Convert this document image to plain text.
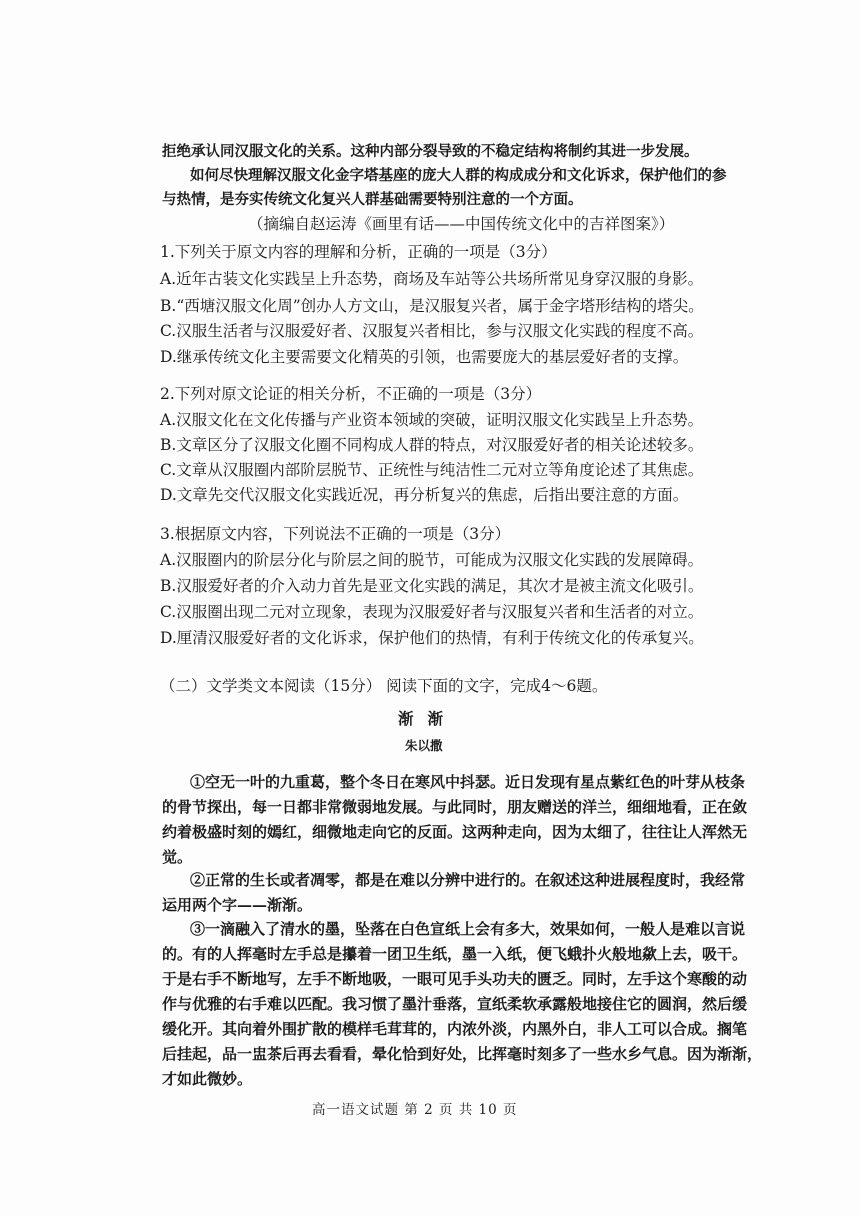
拒绝承认同汉服文化的关系。这种内部分裂导致的不稳定结构将制约其进一步发展。
如何尽快理解汉服文化金字塔基座的庞大人群的构成成分和文化诉求，保护他们的参
与热情，是夯实传统文化复兴人群基础需要特别注意的一个方面。
（摘编自赵运涛《画里有话——中国传统文化中的吉祥图案》）
1.下列关于原文内容的理解和分析，正确的一项是（3分）
A.近年古装文化实践呈上升态势，商场及车站等公共场所常见身穿汉服的身影。
B.“西塘汉服文化周”创办人方文山，是汉服复兴者，属于金字塔形结构的塔尖。
C.汉服生活者与汉服爱好者、汉服复兴者相比，参与汉服文化实践的程度不高。
D.继承传统文化主要需要文化精英的引领，也需要庞大的基层爱好者的支撑。
2.下列对原文论证的相关分析，不正确的一项是（3分）
A.汉服文化在文化传播与产业资本领域的突破，证明汉服文化实践呈上升态势。
B.文章区分了汉服文化圈不同构成人群的特点，对汉服爱好者的相关论述较多。
C.文章从汉服圈内部阶层脱节、正统性与纯洁性二元对立等角度论述了其焦虑。
D.文章先交代汉服文化实践近况，再分析复兴的焦虑，后指出要注意的方面。
3.根据原文内容，下列说法不正确的一项是（3分）
A.汉服圈内的阶层分化与阶层之间的脱节，可能成为汉服文化实践的发展障碍。
B.汉服爱好者的介入动力首先是亚文化实践的满足，其次才是被主流文化吸引。
C.汉服圈出现二元对立现象，表现为汉服爱好者与汉服复兴者和生活者的对立。
D.厘清汉服爱好者的文化诉求，保护他们的热情，有利于传统文化的传承复兴。
（二）文学类文本阅读（15分） 阅读下面的文字，完成4～6题。
渐渐
朱以撒
①空无一叶的九重葛，整个冬日在寒风中抖瑟。近日发现有星点紫红色的叶芽从枝条
的骨节探出，每一日都非常微弱地发展。与此同时，朋友赠送的洋兰，细细地看，正在敛
约着极盛时刻的嫣红，细微地走向它的反面。这两种走向，因为太细了，往往让人浑然无
觉。
②正常的生长或者凋零，都是在难以分辨中进行的。在叙述这种进展程度时，我经常
运用两个字——渐渐。
③一滴融入了清水的墨，坠落在白色宣纸上会有多大，效果如何，一般人是难以言说
的。有的人挥毫时左手总是攥着一团卫生纸，墨一入纸，便飞蛾扑火般地歘上去，吸干。
于是右手不断地写，左手不断地吸，一眼可见手头功夫的匮乏。同时，左手这个寒酸的动
作与优雅的右手难以匹配。我习惯了墨汁垂落，宣纸柔软承露般地接住它的圆润，然后缓
缓化开。其向着外围扩散的模样毛茸茸的，内浓外淡，内黑外白，非人工可以合成。搁笔
后挂起，品一盅茶后再去看看，晕化恰到好处，比挥毫时刻多了一些水乡气息。因为渐渐，
才如此微妙。
高一语文试题 第 2 页 共 10 页
